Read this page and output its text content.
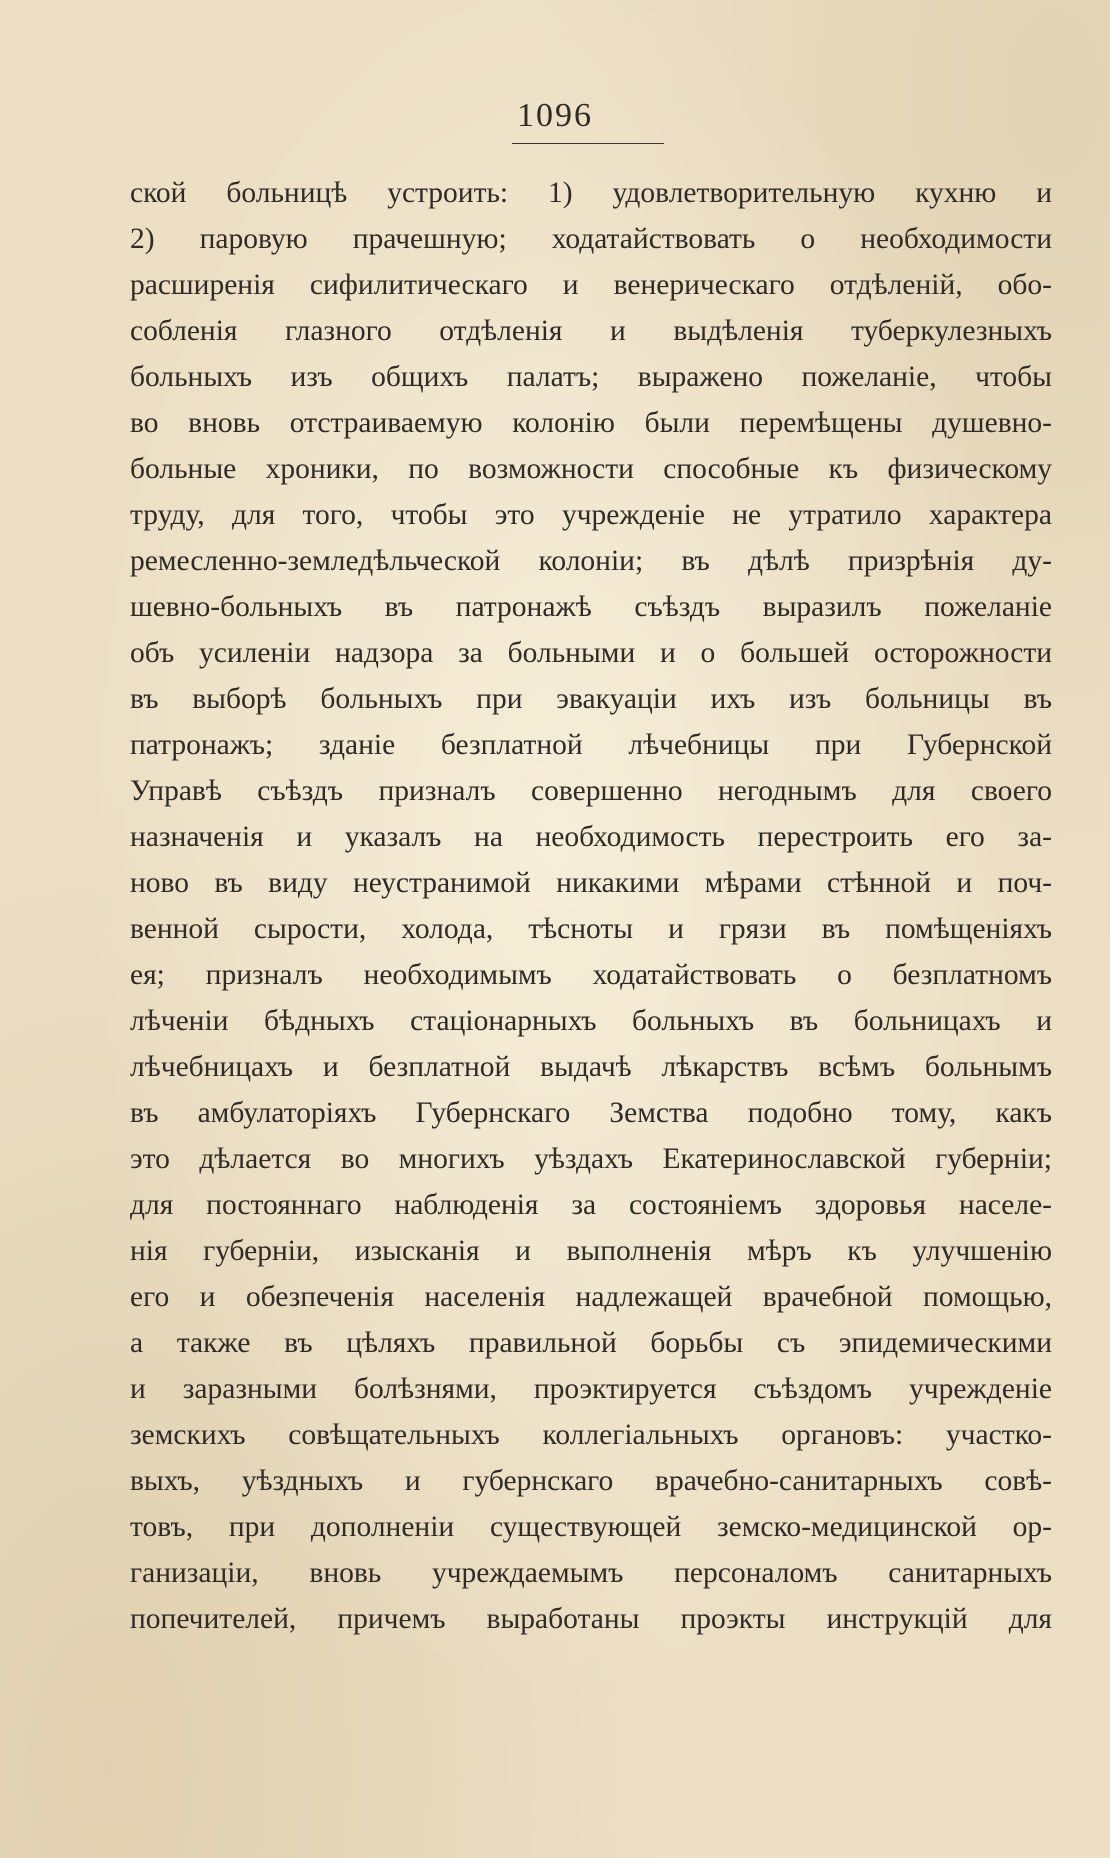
1096
ской больницѣ устроить: 1) удовлетворительную кухню и
2) паровую прачешную; ходатайствовать о необходимости
расширенія сифилитическаго и венерическаго отдѣленій, обо-
собленія глазного отдѣленія и выдѣленія туберкулезныхъ
больныхъ изъ общихъ палатъ; выражено пожеланіе, чтобы
во вновь отстраиваемую колонію были перемѣщены душевно-
больные хроники, по возможности способные къ физическому
труду, для того, чтобы это учрежденіе не утратило характера
ремесленно-земледѣльческой колоніи; въ дѣлѣ призрѣнія ду-
шевно-больныхъ въ патронажѣ съѣздъ выразилъ пожеланіе
объ усиленіи надзора за больными и о большей осторожности
въ выборѣ больныхъ при эвакуаціи ихъ изъ больницы въ
патронажъ; зданіе безплатной лѣчебницы при Губернской
Управѣ съѣздъ призналъ совершенно негоднымъ для своего
назначенія и указалъ на необходимость перестроить его за-
ново въ виду неустранимой никакими мѣрами стѣнной и поч-
венной сырости, холода, тѣсноты и грязи въ помѣщеніяхъ
ея; призналъ необходимымъ ходатайствовать о безплатномъ
лѣченіи бѣдныхъ стаціонарныхъ больныхъ въ больницахъ и
лѣчебницахъ и безплатной выдачѣ лѣкарствъ всѣмъ больнымъ
въ амбулаторіяхъ Губернскаго Земства подобно тому, какъ
это дѣлается во многихъ уѣздахъ Екатеринославской губерніи;
для постояннаго наблюденія за состояніемъ здоровья населе-
нія губерніи, изысканія и выполненія мѣръ къ улучшенію
его и обезпеченія населенія надлежащей врачебной помощью,
а также въ цѣляхъ правильной борьбы съ эпидемическими
и заразными болѣзнями, проэктируется съѣздомъ учрежденіе
земскихъ совѣщательныхъ коллегіальныхъ органовъ: участко-
выхъ, уѣздныхъ и губернскаго врачебно-санитарныхъ совѣ-
товъ, при дополненіи существующей земско-медицинской ор-
ганизаціи, вновь учреждаемымъ персоналомъ санитарныхъ
попечителей, причемъ выработаны проэкты инструкцій для
